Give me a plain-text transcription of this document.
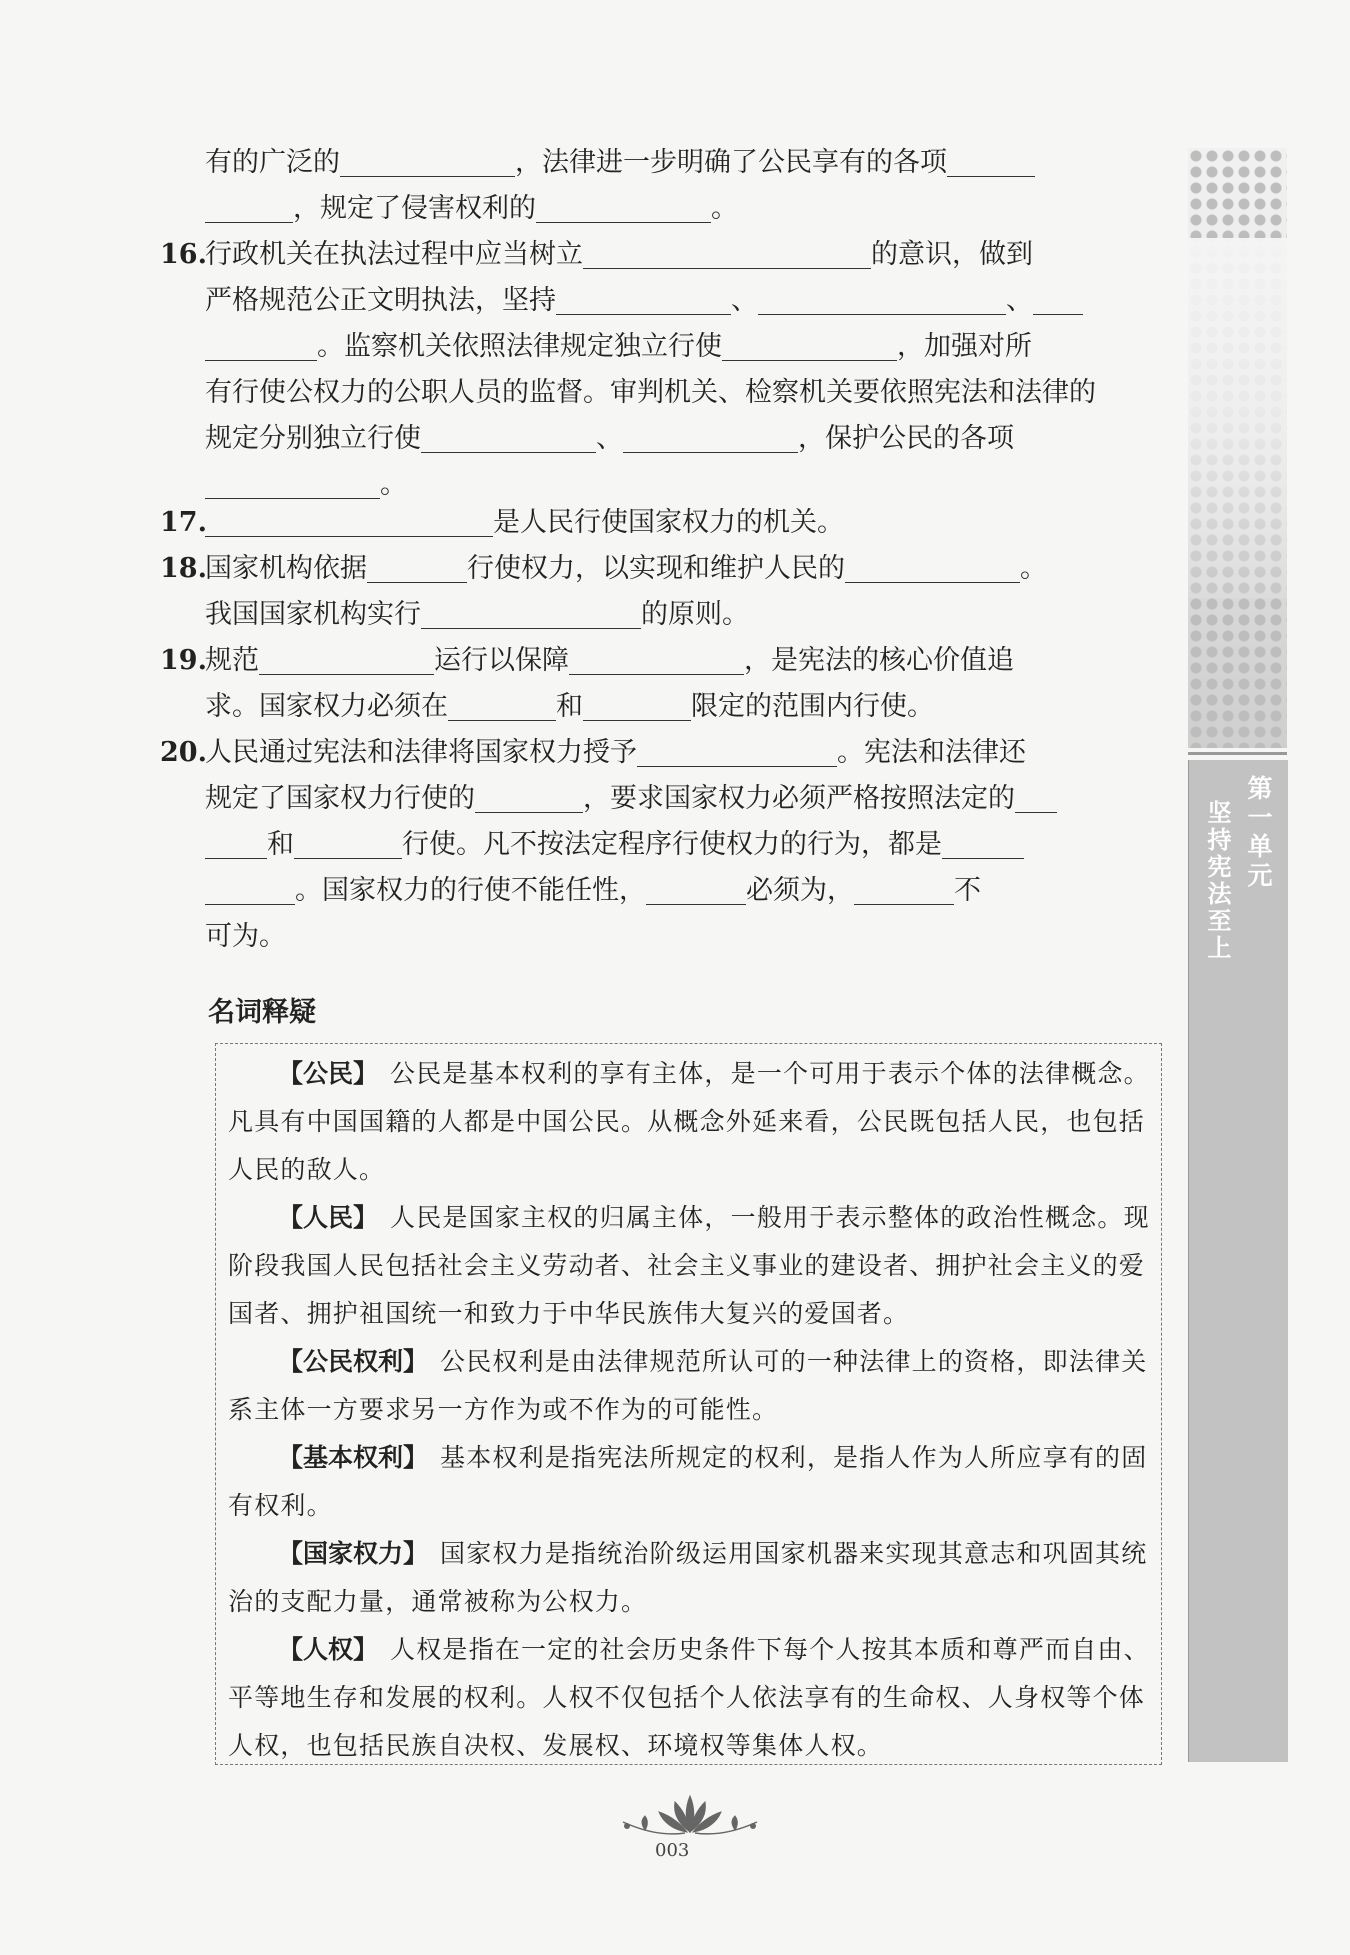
有的广泛的	，法律进一步明确了公民享有的各项
，规定了侵害权利的	。
16.
行政机关在执法过程中应当树立	的意识，做到
严格规范公正文明执法，坚持	、	、
。监察机关依照法律规定独立行使	，加强对所
有行使公权力的公职人员的监督。审判机关、检察机关要依照宪法和法律的
规定分别独立行使	、	，保护公民的各项
。
17.	是人民行使国家权力的机关。
18.
国家机构依据	行使权力，以实现和维护人民的	。
我国国家机构实行	的原则。
19.
规范	运行以保障	，是宪法的核心价值追
求。国家权力必须在	和	限定的范围内行使。
20.
人民通过宪法和法律将国家权力授予	。宪法和法律还
规定了国家权力行使的	，要求国家权力必须严格按照法定的
和	行使。凡不按法定程序行使权力的行为，都是
。国家权力的行使不能任性，	必须为，	不
可为。
名词释疑

【公民】 公民是基本权利的享有主体，是一个可用于表示个体的法律概念。凡具有中国国籍的人都是中国公民。从概念外延来看，公民既包括人民，也包括人民的敌人。

【人民】 人民是国家主权的归属主体，一般用于表示整体的政治性概念。现阶段我国人民包括社会主义劳动者、社会主义事业的建设者、拥护社会主义的爱国者、拥护祖国统一和致力于中华民族伟大复兴的爱国者。

【公民权利】 公民权利是由法律规范所认可的一种法律上的资格，即法律关系主体一方要求另一方作为或不作为的可能性。

【基本权利】 基本权利是指宪法所规定的权利，是指人作为人所应享有的固有权利。

【国家权力】 国家权力是指统治阶级运用国家机器来实现其意志和巩固其统治的支配力量，通常被称为公权力。

【人权】 人权是指在一定的社会历史条件下每个人按其本质和尊严而自由、平等地生存和发展的权利。人权不仅包括个人依法享有的生命权、人身权等个体人权，也包括民族自决权、发展权、环境权等集体人权。

第一单元
坚持宪法至上
003
